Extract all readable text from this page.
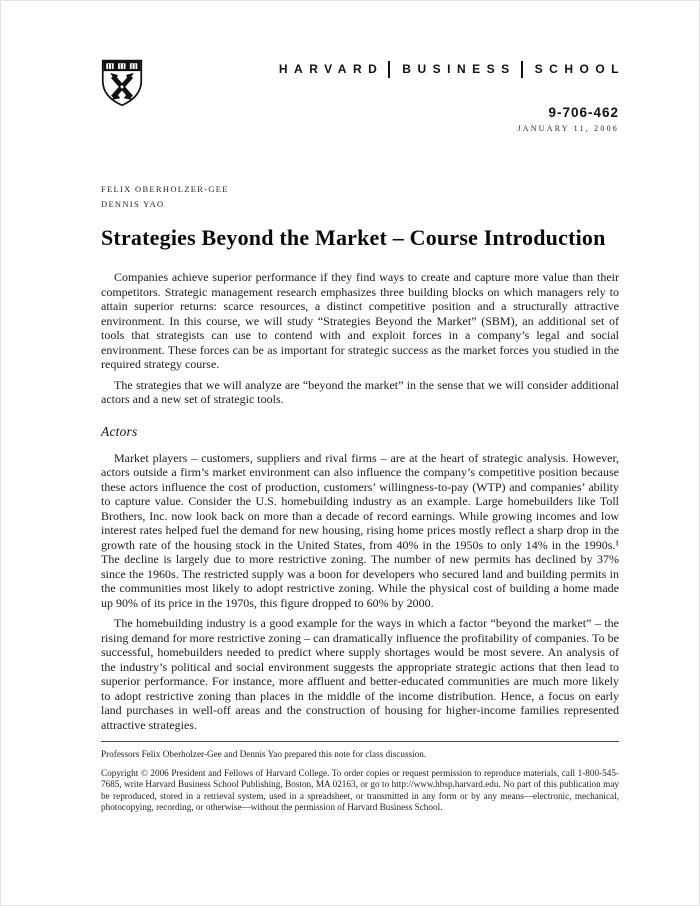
HARVARD BUSINESS SCHOOL
9-706-462
JANUARY 11, 2006
FELIX OBERHOLZER-GEE
DENNIS YAO
Strategies Beyond the Market – Course Introduction

Companies achieve superior performance if they find ways to create and capture more value than their competitors. Strategic management research emphasizes three building blocks on which managers rely to attain superior returns: scarce resources, a distinct competitive position and a structurally attractive environment. In this course, we will study “Strategies Beyond the Market” (SBM), an additional set of tools that strategists can use to contend with and exploit forces in a company’s legal and social environment. These forces can be as important for strategic success as the market forces you studied in the required strategy course.

The strategies that we will analyze are “beyond the market” in the sense that we will consider additional actors and a new set of strategic tools.

Actors

Market players – customers, suppliers and rival firms – are at the heart of strategic analysis. However, actors outside a firm’s market environment can also influence the company’s competitive position because these actors influence the cost of production, customers’ willingness-to-pay (WTP) and companies’ ability to capture value. Consider the U.S. homebuilding industry as an example. Large homebuilders like Toll Brothers, Inc. now look back on more than a decade of record earnings. While growing incomes and low interest rates helped fuel the demand for new housing, rising home prices mostly reflect a sharp drop in the growth rate of the housing stock in the United States, from 40% in the 1950s to only 14% in the 1990s.¹ The decline is largely due to more restrictive zoning. The number of new permits has declined by 37% since the 1960s. The restricted supply was a boon for developers who secured land and building permits in the communities most likely to adopt restrictive zoning. While the physical cost of building a home made up 90% of its price in the 1970s, this figure dropped to 60% by 2000.

The homebuilding industry is a good example for the ways in which a factor “beyond the market” – the rising demand for more restrictive zoning – can dramatically influence the profitability of companies. To be successful, homebuilders needed to predict where supply shortages would be most severe. An analysis of the industry’s political and social environment suggests the appropriate strategic actions that then lead to superior performance. For instance, more affluent and better-educated communities are much more likely to adopt restrictive zoning than places in the middle of the income distribution. Hence, a focus on early land purchases in well-off areas and the construction of housing for higher-income families represented attractive strategies.

Professors Felix Oberholzer-Gee and Dennis Yao prepared this note for class discussion.

Copyright © 2006 President and Fellows of Harvard College. To order copies or request permission to reproduce materials, call 1-800-545-7685, write Harvard Business School Publishing, Boston, MA 02163, or go to http://www.hbsp.harvard.edu. No part of this publication may be reproduced, stored in a retrieval system, used in a spreadsheet, or transmitted in any form or by any means—electronic, mechanical, photocopying, recording, or otherwise—without the permission of Harvard Business School.
